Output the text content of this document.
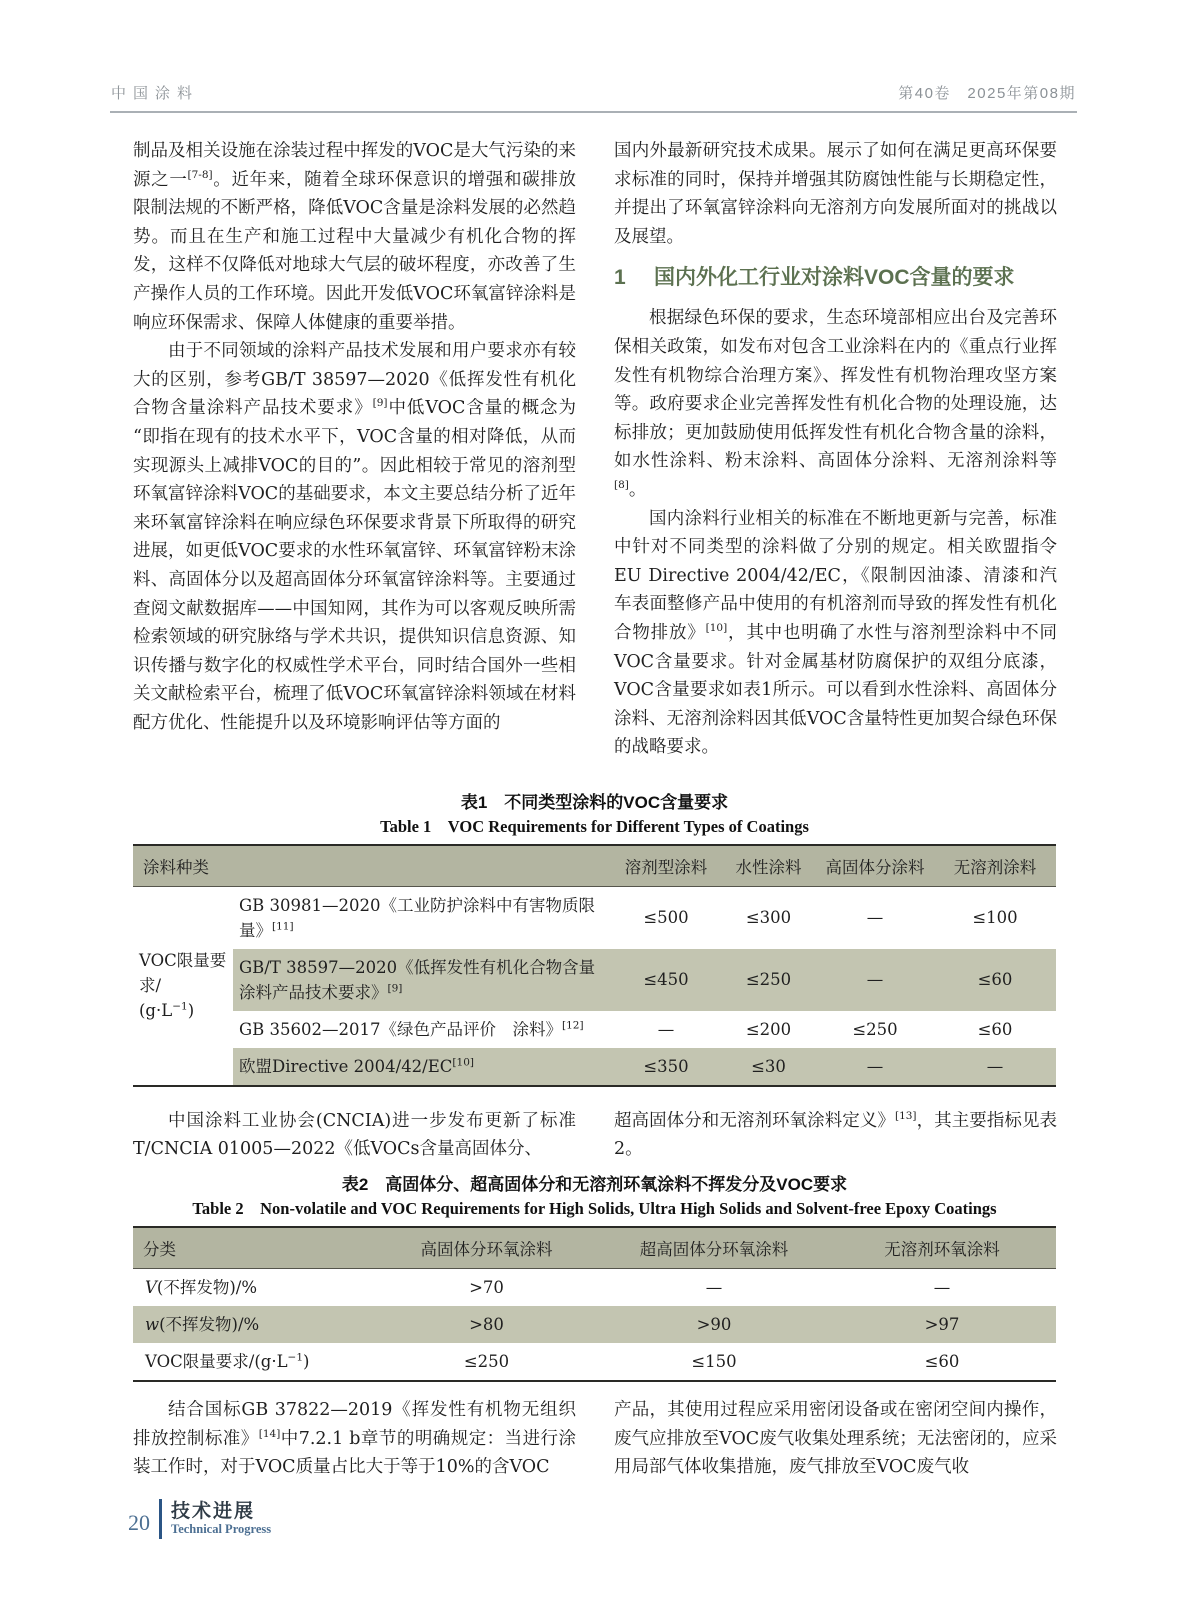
中国涂料	第40卷　2025年第08期

制品及相关设施在涂装过程中挥发的VOC是大气污染的来源之一[7-8]。近年来，随着全球环保意识的增强和碳排放限制法规的不断严格，降低VOC含量是涂料发展的必然趋势。而且在生产和施工过程中大量减少有机化合物的挥发，这样不仅降低对地球大气层的破坏程度，亦改善了生产操作人员的工作环境。因此开发低VOC环氧富锌涂料是响应环保需求、保障人体健康的重要举措。

由于不同领域的涂料产品技术发展和用户要求亦有较大的区别，参考GB/T 38597—2020《低挥发性有机化合物含量涂料产品技术要求》[9]中低VOC含量的概念为“即指在现有的技术水平下，VOC含量的相对降低，从而实现源头上减排VOC的目的”。因此相较于常见的溶剂型环氧富锌涂料VOC的基础要求，本文主要总结分析了近年来环氧富锌涂料在响应绿色环保要求背景下所取得的研究进展，如更低VOC要求的水性环氧富锌、环氧富锌粉末涂料、高固体分以及超高固体分环氧富锌涂料等。主要通过查阅文献数据库——中国知网，其作为可以客观反映所需检索领域的研究脉络与学术共识，提供知识信息资源、知识传播与数字化的权威性学术平台，同时结合国外一些相关文献检索平台，梳理了低VOC环氧富锌涂料领域在材料配方优化、性能提升以及环境影响评估等方面的

国内外最新研究技术成果。展示了如何在满足更高环保要求标准的同时，保持并增强其防腐蚀性能与长期稳定性，并提出了环氧富锌涂料向无溶剂方向发展所面对的挑战以及展望。

1	国内外化工行业对涂料VOC含量的要求

根据绿色环保的要求，生态环境部相应出台及完善环保相关政策，如发布对包含工业涂料在内的《重点行业挥发性有机物综合治理方案》、挥发性有机物治理攻坚方案等。政府要求企业完善挥发性有机化合物的处理设施，达标排放；更加鼓励使用低挥发性有机化合物含量的涂料，如水性涂料、粉末涂料、高固体分涂料、无溶剂涂料等[8]。

国内涂料行业相关的标准在不断地更新与完善，标准中针对不同类型的涂料做了分别的规定。相关欧盟指令EU Directive 2004/42/EC，《限制因油漆、清漆和汽车表面整修产品中使用的有机溶剂而导致的挥发性有机化合物排放》[10]，其中也明确了水性与溶剂型涂料中不同VOC含量要求。针对金属基材防腐保护的双组分底漆，VOC含量要求如表1所示。可以看到水性涂料、高固体分涂料、无溶剂涂料因其低VOC含量特性更加契合绿色环保的战略要求。

表1　不同类型涂料的VOC含量要求

Table 1　VOC Requirements for Different Types of Coatings

涂料种类		溶剂型涂料	水性涂料	高固体分涂料	无溶剂涂料
VOC限量要求/
(g·L$^{-1}$)	GB 30981—2020《工业防护涂料中有害物质限量》[11]	≤500	≤300	—	≤100
	GB/T 38597—2020《低挥发性有机化合物含量涂料产品技术要求》[9]	≤450	≤250	—	≤60
	GB 35602—2017《绿色产品评价　涂料》[12]	—	≤200	≤250	≤60
	欧盟Directive 2004/42/EC[10]	≤350	≤30	—	—

中国涂料工业协会(CNCIA)进一步发布更新了标准T/CNCIA 01005—2022《低VOCs含量高固体分、

超高固体分和无溶剂环氧涂料定义》[13]，其主要指标见表2。

表2　高固体分、超高固体分和无溶剂环氧涂料不挥发分及VOC要求

Table 2　Non-volatile and VOC Requirements for High Solids, Ultra High Solids and Solvent-free Epoxy Coatings

分类	高固体分环氧涂料	超高固体分环氧涂料	无溶剂环氧涂料
V(不挥发物)/%	>70	—	—
w(不挥发物)/%	>80	>90	>97
VOC限量要求/(g·L$^{-1}$)	≤250	≤150	≤60

结合国标GB 37822—2019《挥发性有机物无组织排放控制标准》[14]中7.2.1 b章节的明确规定：当进行涂装工作时，对于VOC质量占比大于等于10%的含VOC

产品，其使用过程应采用密闭设备或在密闭空间内操作，废气应排放至VOC废气收集处理系统；无法密闭的，应采用局部气体收集措施，废气排放至VOC废气收

20 技术进展
Technical Progress
